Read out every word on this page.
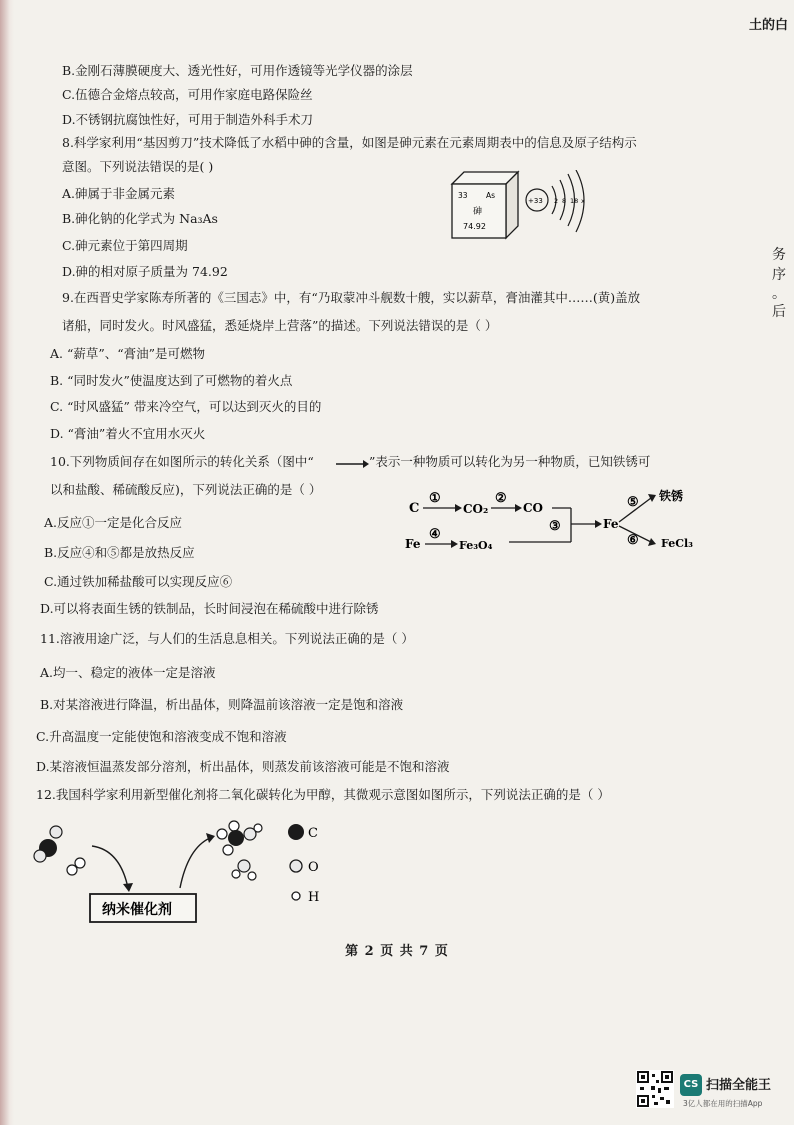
土的白
务
序
。
后
B.金刚石薄膜硬度大、透光性好，可用作透镜等光学仪器的涂层
C.伍德合金熔点较高，可用作家庭电路保险丝
D.不锈钢抗腐蚀性好，可用于制造外科手术刀
8.科学家利用“基因剪刀”技术降低了水稻中砷的含量，如图是砷元素在元素周期表中的信息及原子结构示
意图。下列说法错误的是( )
A.砷属于非金属元素
B.砷化钠的化学式为 Na₃As
C.砷元素位于第四周期
D.砷的相对原子质量为 74.92
9.在西晋史学家陈寿所著的《三国志》中，有“乃取蒙冲斗舰数十艘，实以薪草，膏油灌其中……(黄)盖放
诸船，同时发火。时风盛猛，悉延烧岸上营落”的描述。下列说法错误的是（ ）
A. “薪草”、“膏油”是可燃物
B. “同时发火”使温度达到了可燃物的着火点
C. “时风盛猛” 带来冷空气，可以达到灭火的目的
D. “膏油”着火不宜用水灭火
10.下列物质间存在如图所示的转化关系（图中“	”表示一种物质可以转化为另一种物质，已知铁锈可
以和盐酸、稀硫酸反应)，下列说法正确的是（ ）
A.反应①一定是化合反应
B.反应④和⑤都是放热反应
C.通过铁加稀盐酸可以实现反应⑥
D.可以将表面生锈的铁制品，长时间浸泡在稀硫酸中进行除锈
11.溶液用途广泛，与人们的生活息息相关。下列说法正确的是（ ）
A.均一、稳定的液体一定是溶液
B.对某溶液进行降温，析出晶体，则降温前该溶液一定是饱和溶液
C.升高温度一定能使饱和溶液变成不饱和溶液
D.某溶液恒温蒸发部分溶剂，析出晶体，则蒸发前该溶液可能是不饱和溶液
12.我国科学家利用新型催化剂将二氧化碳转化为甲醇，其微观示意图如图所示，下列说法正确的是（ ）
33 As
砷
74.92
+33 2 8 18 x
C
①
CO₂
②
CO
③
Fe
④
Fe₃O₄
Fe
⑤ 铁锈
⑥ FeCl₃
纳米催化剂
C
O
H
第 2 页 共 7 页
CS 扫描全能王
3亿人都在用的扫描App
